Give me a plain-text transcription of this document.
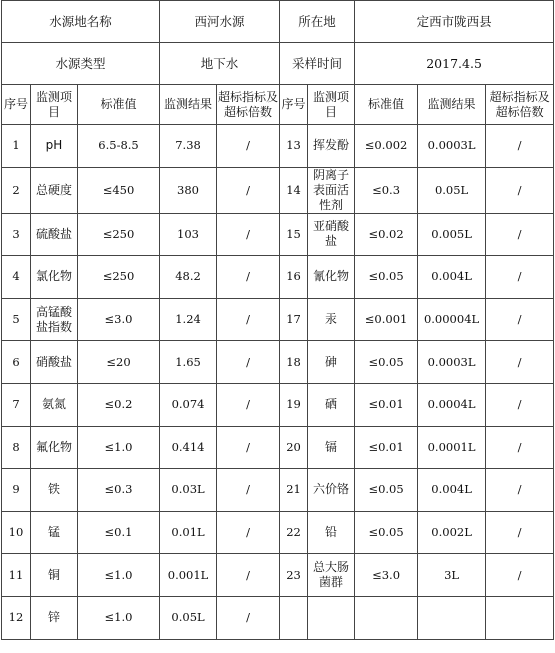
水源地名称			西河水源		所在地		定西市陇西县		
水源类型			地下水		采样时间		2017.4.5		
序号	监测项目	标准值	监测结果	超标指标及超标倍数	序号	监测项目	标准值	监测结果	超标指标及超标倍数
1	pH	6.5-8.5	7.38	/	13	挥发酚	≤0.002	0.0003L	/
2	总硬度	≤450	380	/	14	阴离子表面活性剂	≤0.3	0.05L	/
3	硫酸盐	≤250	103	/	15	亚硝酸盐	≤0.02	0.005L	/
4	氯化物	≤250	48.2	/	16	氰化物	≤0.05	0.004L	/
5	高锰酸盐指数	≤3.0	1.24	/	17	汞	≤0.001	0.00004L	/
6	硝酸盐	≤20	1.65	/	18	砷	≤0.05	0.0003L	/
7	氨氮	≤0.2	0.074	/	19	硒	≤0.01	0.0004L	/
8	氟化物	≤1.0	0.414	/	20	镉	≤0.01	0.0001L	/
9	铁	≤0.3	0.03L	/	21	六价铬	≤0.05	0.004L	/
10	锰	≤0.1	0.01L	/	22	铅	≤0.05	0.002L	/
11	铜	≤1.0	0.001L	/	23	总大肠菌群	≤3.0	3L	/
12	锌	≤1.0	0.05L	/					
